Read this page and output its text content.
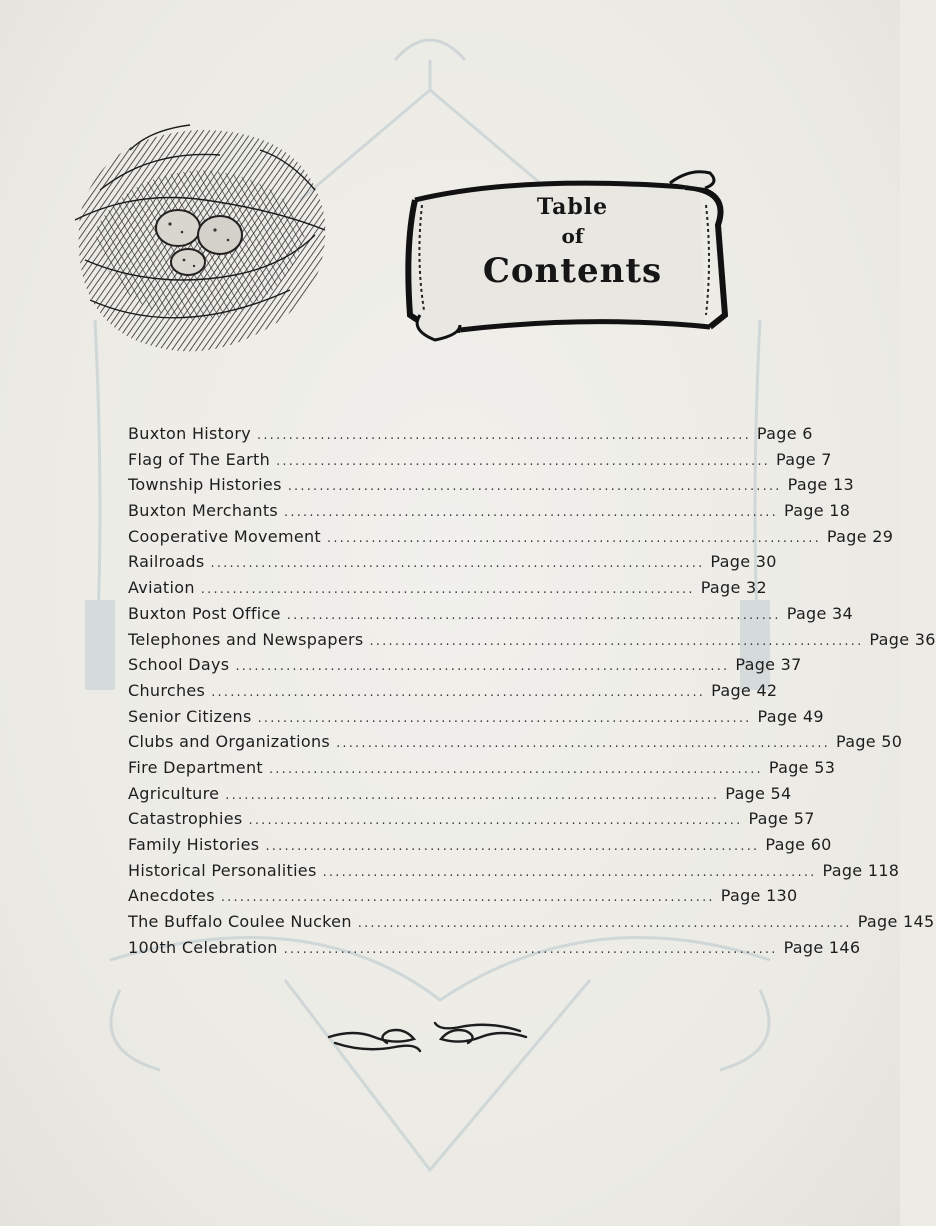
Table
of
Contents
Buxton History .............................................................................. Page 6
Flag of The Earth .............................................................................. Page 7
Township Histories .............................................................................. Page 13
Buxton Merchants .............................................................................. Page 18
Cooperative Movement .............................................................................. Page 29
Railroads .............................................................................. Page 30
Aviation .............................................................................. Page 32
Buxton Post Office .............................................................................. Page 34
Telephones and Newspapers .............................................................................. Page 36
School Days .............................................................................. Page 37
Churches .............................................................................. Page 42
Senior Citizens .............................................................................. Page 49
Clubs and Organizations .............................................................................. Page 50
Fire Department .............................................................................. Page 53
Agriculture .............................................................................. Page 54
Catastrophies .............................................................................. Page 57
Family Histories .............................................................................. Page 60
Historical Personalities .............................................................................. Page 118
Anecdotes .............................................................................. Page 130
The Buffalo Coulee Nucken .............................................................................. Page 145
100th Celebration .............................................................................. Page 146
